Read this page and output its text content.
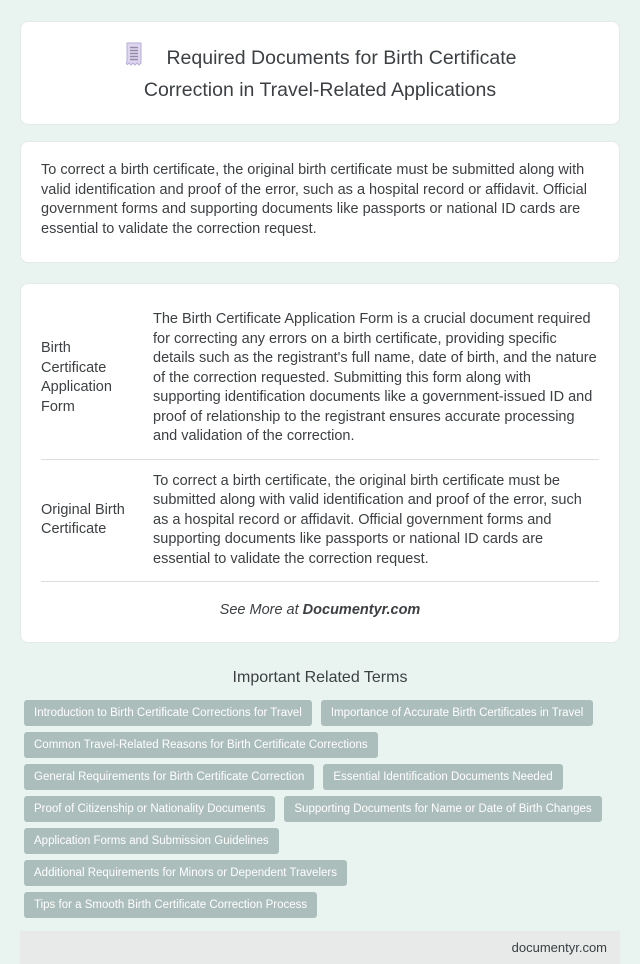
Required Documents for Birth Certificate Correction in Travel-Related Applications

To correct a birth certificate, the original birth certificate must be submitted along with valid identification and proof of the error, such as a hospital record or affidavit. Official government forms and supporting documents like passports or national ID cards are essential to validate the correction request.

Birth Certificate Application Form	The Birth Certificate Application Form is a crucial document required for correcting any errors on a birth certificate, providing specific details such as the registrant's full name, date of birth, and the nature of the correction requested. Submitting this form along with supporting identification documents like a government-issued ID and proof of relationship to the registrant ensures accurate processing and validation of the correction.
Original Birth Certificate	To correct a birth certificate, the original birth certificate must be submitted along with valid identification and proof of the error, such as a hospital record or affidavit. Official government forms and supporting documents like passports or national ID cards are essential to validate the correction request.

See More at Documentyr.com

Important Related Terms
Introduction to Birth Certificate Corrections for Travel	Importance of Accurate Birth Certificates in Travel
Common Travel-Related Reasons for Birth Certificate Corrections
General Requirements for Birth Certificate Correction	Essential Identification Documents Needed
Proof of Citizenship or Nationality Documents	Supporting Documents for Name or Date of Birth Changes
Application Forms and Submission Guidelines
Additional Requirements for Minors or Dependent Travelers
Tips for a Smooth Birth Certificate Correction Process
documentyr.com
